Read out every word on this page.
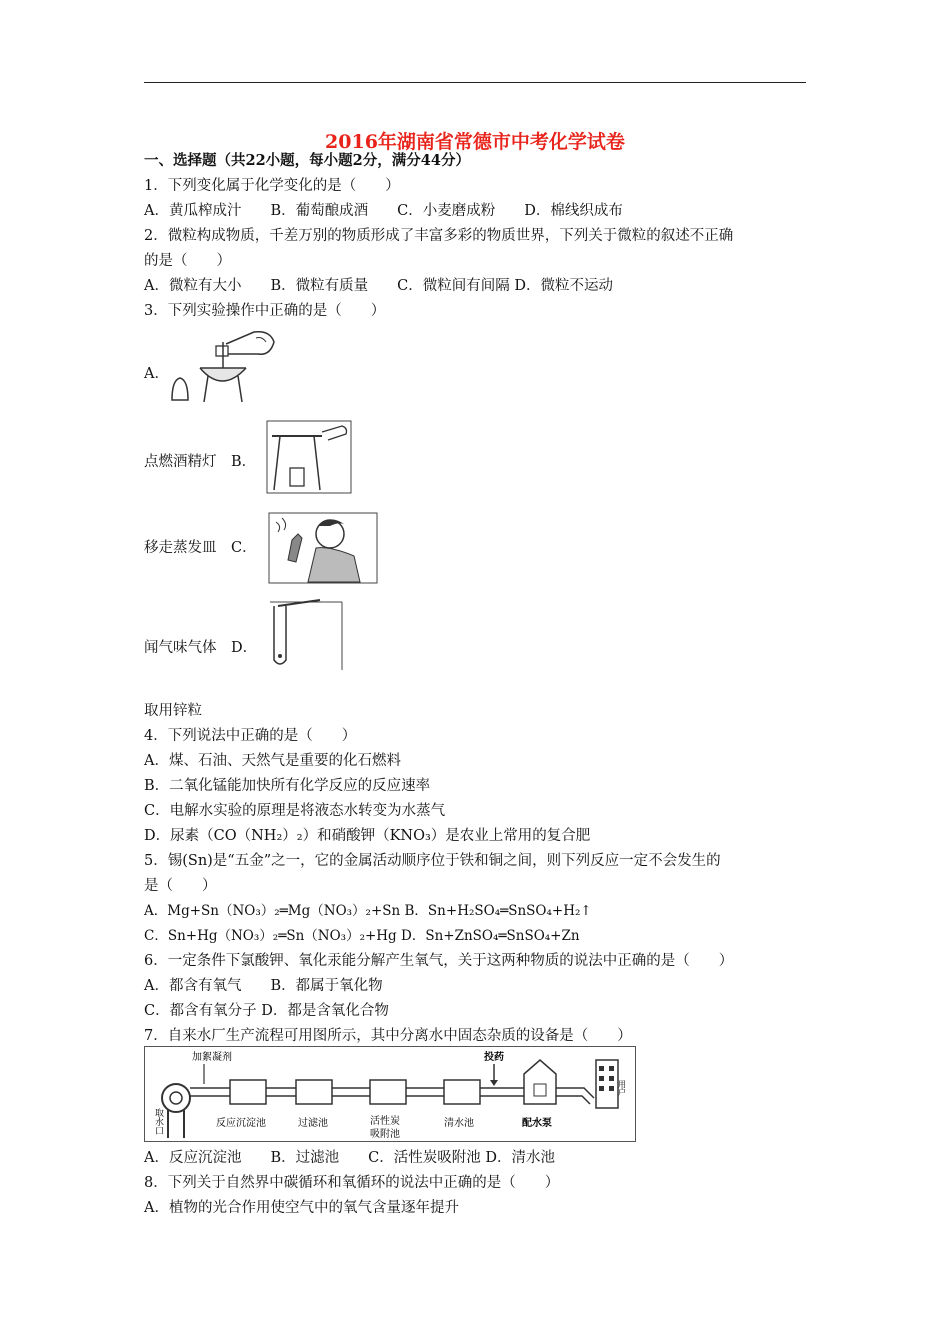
2016年湖南省常德市中考化学试卷
一、选择题（共22小题，每小题2分，满分44分）
1．下列变化属于化学变化的是（　　）
A．黄瓜榨成汁　　B．葡萄酿成酒　　C．小麦磨成粉　　D．棉线织成布
2．微粒构成物质，千差万别的物质形成了丰富多彩的物质世界，下列关于微粒的叙述不正确
的是（　　）
A．微粒有大小　　B．微粒有质量　　C．微粒间有间隔 D．微粒不运动
3．下列实验操作中正确的是（　　）
A．
点燃酒精灯　B．
移走蒸发皿　C．
闻气味气体　D．
取用锌粒
4．下列说法中正确的是（　　）
A．煤、石油、天然气是重要的化石燃料
B．二氧化锰能加快所有化学反应的反应速率
C．电解水实验的原理是将液态水转变为水蒸气
D．尿素（CO（NH₂）₂）和硝酸钾（KNO₃）是农业上常用的复合肥
5．锡(Sn)是“五金”之一，它的金属活动顺序位于铁和铜之间，则下列反应一定不会发生的
是（　　）
A．Mg+Sn（NO₃）₂═Mg（NO₃）₂+Sn B．Sn+H₂SO₄═SnSO₄+H₂↑
C．Sn+Hg（NO₃）₂═Sn（NO₃）₂+Hg D．Sn+ZnSO₄═SnSO₄+Zn
6．一定条件下氯酸钾、氧化汞能分解产生氧气，关于这两种物质的说法中正确的是（　　）
A．都含有氧气　　B．都属于氧化物
C．都含有氧分子 D．都是含氧化合物
7．自来水厂生产流程可用图所示，其中分离水中固态杂质的设备是（　　）
取水口
加絮凝剂
反应沉淀池	过滤池	活性炭
吸附池
清水池
投药
配水泵
用户
A．反应沉淀池　　B．过滤池　　C．活性炭吸附池 D．清水池
8．下列关于自然界中碳循环和氧循环的说法中正确的是（　　）
A．植物的光合作用使空气中的氧气含量逐年提升
